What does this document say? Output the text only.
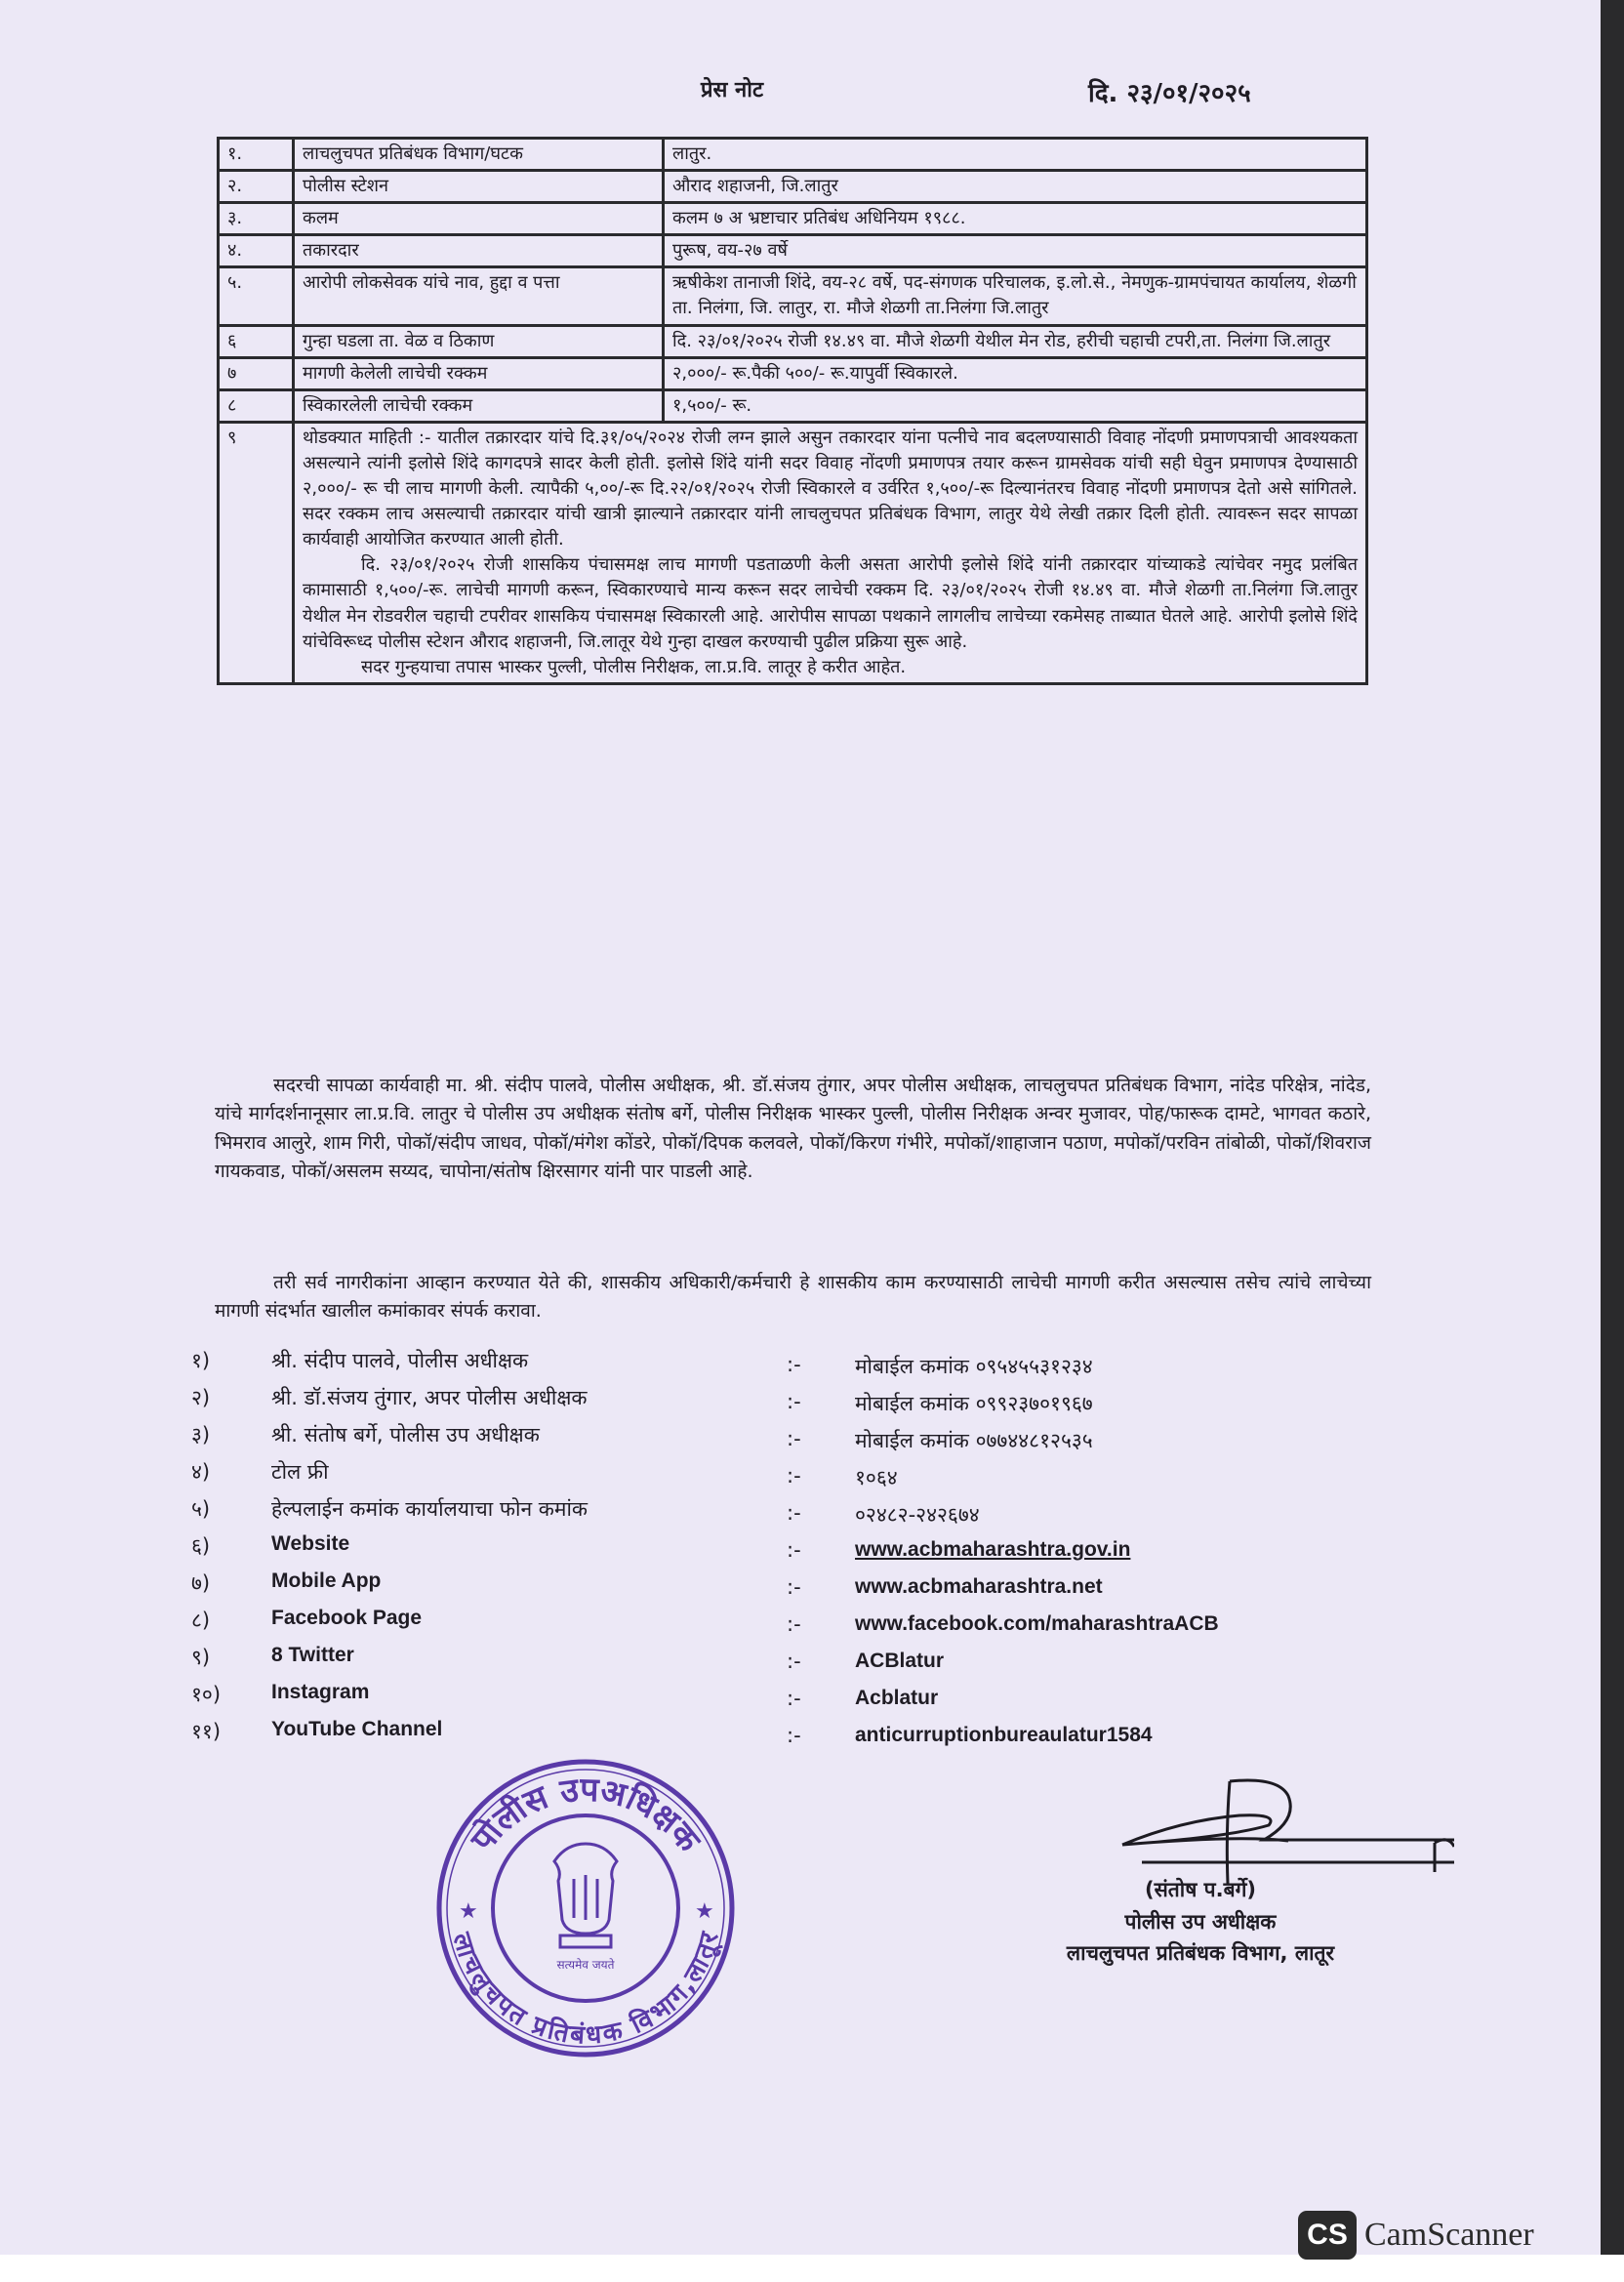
प्रेस नोट	दि. २३/०१/२०२५
१.	लाचलुचपत प्रतिबंधक विभाग/घटक	लातुर.
२.	पोलीस स्टेशन	औराद शहाजनी, जि.लातुर
३.	कलम	कलम ७ अ भ्रष्टाचार प्रतिबंध अधिनियम १९८८.
४.	तकारदार	पुरूष, वय-२७ वर्षे
५.	आरोपी लोकसेवक यांचे नाव, हुद्दा व पत्ता	ऋषीकेश तानाजी शिंदे, वय-२८ वर्षे, पद-संगणक परिचालक, इ.लो.से., नेमणुक-ग्रामपंचायत कार्यालय, शेळगी ता. निलंगा, जि. लातुर, रा. मौजे शेळगी ता.निलंगा जि.लातुर
६	गुन्हा घडला ता. वेळ व ठिकाण	दि. २३/०१/२०२५ रोजी १४.४९ वा. मौजे शेळगी येथील मेन रोड, हरीची चहाची टपरी,ता. निलंगा जि.लातुर
७	मागणी केलेली लाचेची रक्कम	२,०००/- रू.पैकी ५००/- रू.यापुर्वी स्विकारले.
८	स्विकारलेली लाचेची रक्कम	१,५००/- रू.
९	थोडक्यात माहिती :- यातील तक्रारदार यांचे दि.३१/०५/२०२४ रोजी लग्न झाले असुन तकारदार यांना पत्नीचे नाव बदलण्यासाठी विवाह नोंदणी प्रमाणपत्राची आवश्यकता असल्याने त्यांनी इलोसे शिंदे कागदपत्रे सादर केली होती. इलोसे शिंदे यांनी सदर विवाह नोंदणी प्रमाणपत्र तयार करून ग्रामसेवक यांची सही घेवुन प्रमाणपत्र देण्यासाठी २,०००/- रू ची लाच मागणी केली. त्यापैकी ५,००/-रू दि.२२/०१/२०२५ रोजी स्विकारले व उर्वरित १,५००/-रू दिल्यानंतरच विवाह नोंदणी प्रमाणपत्र देतो असे सांगितले. सदर रक्कम लाच असल्याची तक्रारदार यांची खात्री झाल्याने तक्रारदार यांनी लाचलुचपत प्रतिबंधक विभाग, लातुर येथे लेखी तक्रार दिली होती. त्यावरून सदर सापळा कार्यवाही आयोजित करण्यात आली होती.

दि. २३/०१/२०२५ रोजी शासकिय पंचासमक्ष लाच मागणी पडताळणी केली असता आरोपी इलोसे शिंदे यांनी तक्रारदार यांच्याकडे त्यांचेवर नमुद प्रलंबित कामासाठी १,५००/-रू. लाचेची मागणी करून, स्विकारण्याचे मान्य करून सदर लाचेची रक्कम दि. २३/०१/२०२५ रोजी १४.४९ वा. मौजे शेळगी ता.निलंगा जि.लातुर येथील मेन रोडवरील चहाची टपरीवर शासकिय पंचासमक्ष स्विकारली आहे. आरोपीस सापळा पथकाने लागलीच लाचेच्या रकमेसह ताब्यात घेतले आहे. आरोपी इलोसे शिंदे यांचेविरूध्द पोलीस स्टेशन औराद शहाजनी, जि.लातूर येथे गुन्हा दाखल करण्याची पुढील प्रक्रिया सुरू आहे.

सदर गुन्हयाचा तपास भास्कर पुल्ली, पोलीस निरीक्षक, ला.प्र.वि. लातूर हे करीत आहेत.	

सदरची सापळा कार्यवाही मा. श्री. संदीप पालवे, पोलीस अधीक्षक, श्री. डॉ.संजय तुंगार, अपर पोलीस अधीक्षक, लाचलुचपत प्रतिबंधक विभाग, नांदेड परिक्षेत्र, नांदेड, यांचे मार्गदर्शनानूसार ला.प्र.वि. लातुर चे पोलीस उप अधीक्षक संतोष बर्गे, पोलीस निरीक्षक भास्कर पुल्ली, पोलीस निरीक्षक अन्वर मुजावर, पोह/फारूक दामटे, भागवत कठारे, भिमराव आलुरे, शाम गिरी, पोकॉ/संदीप जाधव, पोकॉ/मंगेश कोंडरे, पोकॉ/दिपक कलवले, पोकॉ/किरण गंभीरे, मपोकॉ/शाहाजान पठाण, मपोकॉ/परविन तांबोळी, पोकॉ/शिवराज गायकवाड, पोकॉ/असलम सय्यद, चापोना/संतोष क्षिरसागर यांनी पार पाडली आहे.

तरी सर्व नागरीकांना आव्हान करण्यात येते की, शासकीय अधिकारी/कर्मचारी हे शासकीय काम करण्यासाठी लाचेची मागणी करीत असल्यास तसेच त्यांचे लाचेच्या मागणी संदर्भात खालील कमांकावर संपर्क करावा.

१)	श्री. संदीप पालवे, पोलीस अधीक्षक	:-	मोबाईल कमांक ०९५४५५३१२३४
२)	श्री. डॉ.संजय तुंगार, अपर पोलीस अधीक्षक	:-	मोबाईल कमांक ०९९२३७०१९६७
३)	श्री. संतोष बर्गे, पोलीस उप अधीक्षक	:-	मोबाईल कमांक ०७७४४८१२५३५
४)	टोल फ्री	:-	१०६४
५)	हेल्पलाईन कमांक कार्यालयाचा फोन कमांक	:-	०२४८२-२४२६७४
६)	Website	:-	www.acbmaharashtra.gov.in
७)	Mobile App	:-	www.acbmaharashtra.net
८)	Facebook Page	:-	www.facebook.com/maharashtraACB
९)	8 Twitter	:-	ACBlatur
१०)	Instagram	:-	Acblatur
११)	YouTube Channel	:-	anticurruptionbureaulatur1584
पोलीस उपअधिक्षक
लाचलुचपत प्रतिबंधक विभाग,लातूर
★	★
सत्यमेव जयते
(संतोष प.बर्गे)
पोलीस उप अधीक्षक
लाचलुचपत प्रतिबंधक विभाग, लातूर
CS CamScanner
